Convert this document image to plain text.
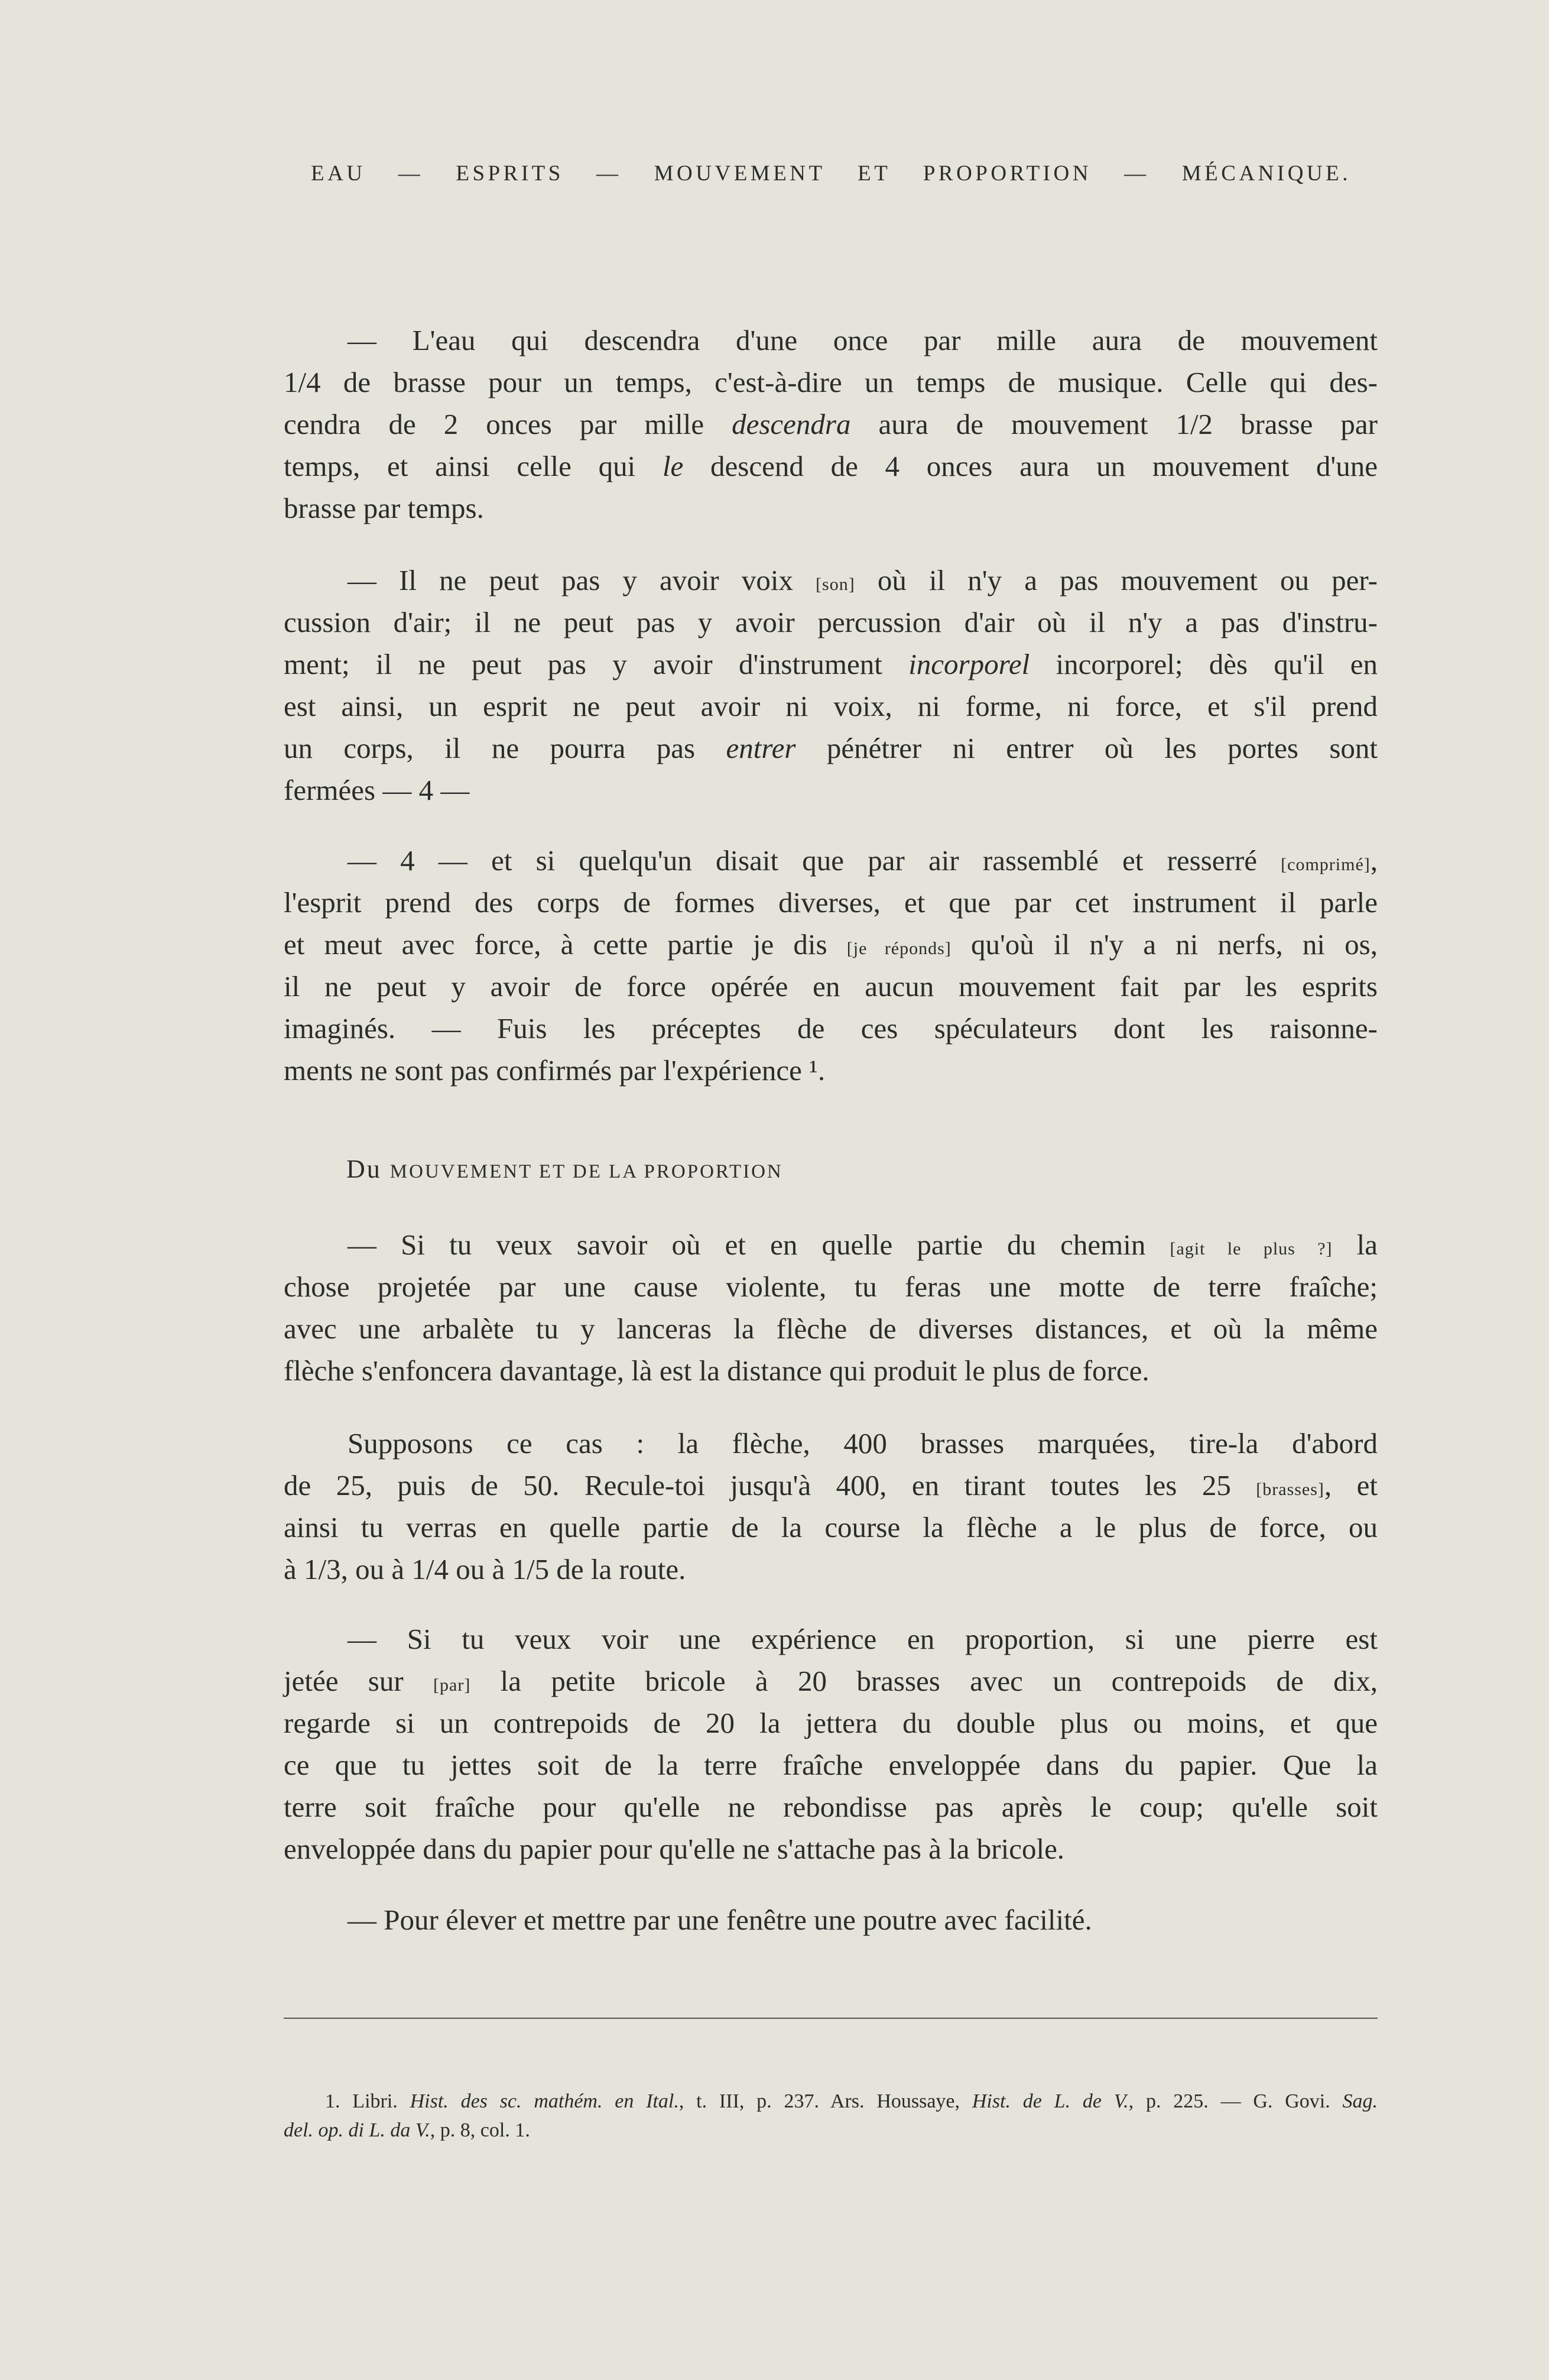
EAU — ESPRITS — MOUVEMENT ET PROPORTION — MÉCANIQUE.
— L'eau qui descendra d'une once par mille aura de mouvement
1/4 de brasse pour un temps, c'est-à-dire un temps de musique. Celle qui des-
cendra de 2 onces par mille descendra aura de mouvement 1/2 brasse par
temps, et ainsi celle qui le descend de 4 onces aura un mouvement d'une
brasse par temps.
— Il ne peut pas y avoir voix [son] où il n'y a pas mouvement ou per-
cussion d'air; il ne peut pas y avoir percussion d'air où il n'y a pas d'instru-
ment; il ne peut pas y avoir d'instrument incorporel incorporel; dès qu'il en
est ainsi, un esprit ne peut avoir ni voix, ni forme, ni force, et s'il prend
un corps, il ne pourra pas entrer pénétrer ni entrer où les portes sont
fermées — 4 —
— 4 — et si quelqu'un disait que par air rassemblé et resserré [comprimé],
l'esprit prend des corps de formes diverses, et que par cet instrument il parle
et meut avec force, à cette partie je dis [je réponds] qu'où il n'y a ni nerfs, ni os,
il ne peut y avoir de force opérée en aucun mouvement fait par les esprits
imaginés. — Fuis les préceptes de ces spéculateurs dont les raisonne-
ments ne sont pas confirmés par l'expérience ¹.
Du MOUVEMENT ET DE LA PROPORTION
— Si tu veux savoir où et en quelle partie du chemin [agit le plus ?] la
chose projetée par une cause violente, tu feras une motte de terre fraîche;
avec une arbalète tu y lanceras la flèche de diverses distances, et où la même
flèche s'enfoncera davantage, là est la distance qui produit le plus de force.
Supposons ce cas : la flèche, 400 brasses marquées, tire-la d'abord
de 25, puis de 50. Recule-toi jusqu'à 400, en tirant toutes les 25 [brasses], et
ainsi tu verras en quelle partie de la course la flèche a le plus de force, ou
à 1/3, ou à 1/4 ou à 1/5 de la route.
— Si tu veux voir une expérience en proportion, si une pierre est
jetée sur [par] la petite bricole à 20 brasses avec un contrepoids de dix,
regarde si un contrepoids de 20 la jettera du double plus ou moins, et que
ce que tu jettes soit de la terre fraîche enveloppée dans du papier. Que la
terre soit fraîche pour qu'elle ne rebondisse pas après le coup; qu'elle soit
enveloppée dans du papier pour qu'elle ne s'attache pas à la bricole.
— Pour élever et mettre par une fenêtre une poutre avec facilité.
1. Libri. Hist. des sc. mathém. en Ital., t. III, p. 237. Ars. Houssaye, Hist. de L. de V., p. 225. — G. Govi. Sag.
del. op. di L. da V., p. 8, col. 1.
